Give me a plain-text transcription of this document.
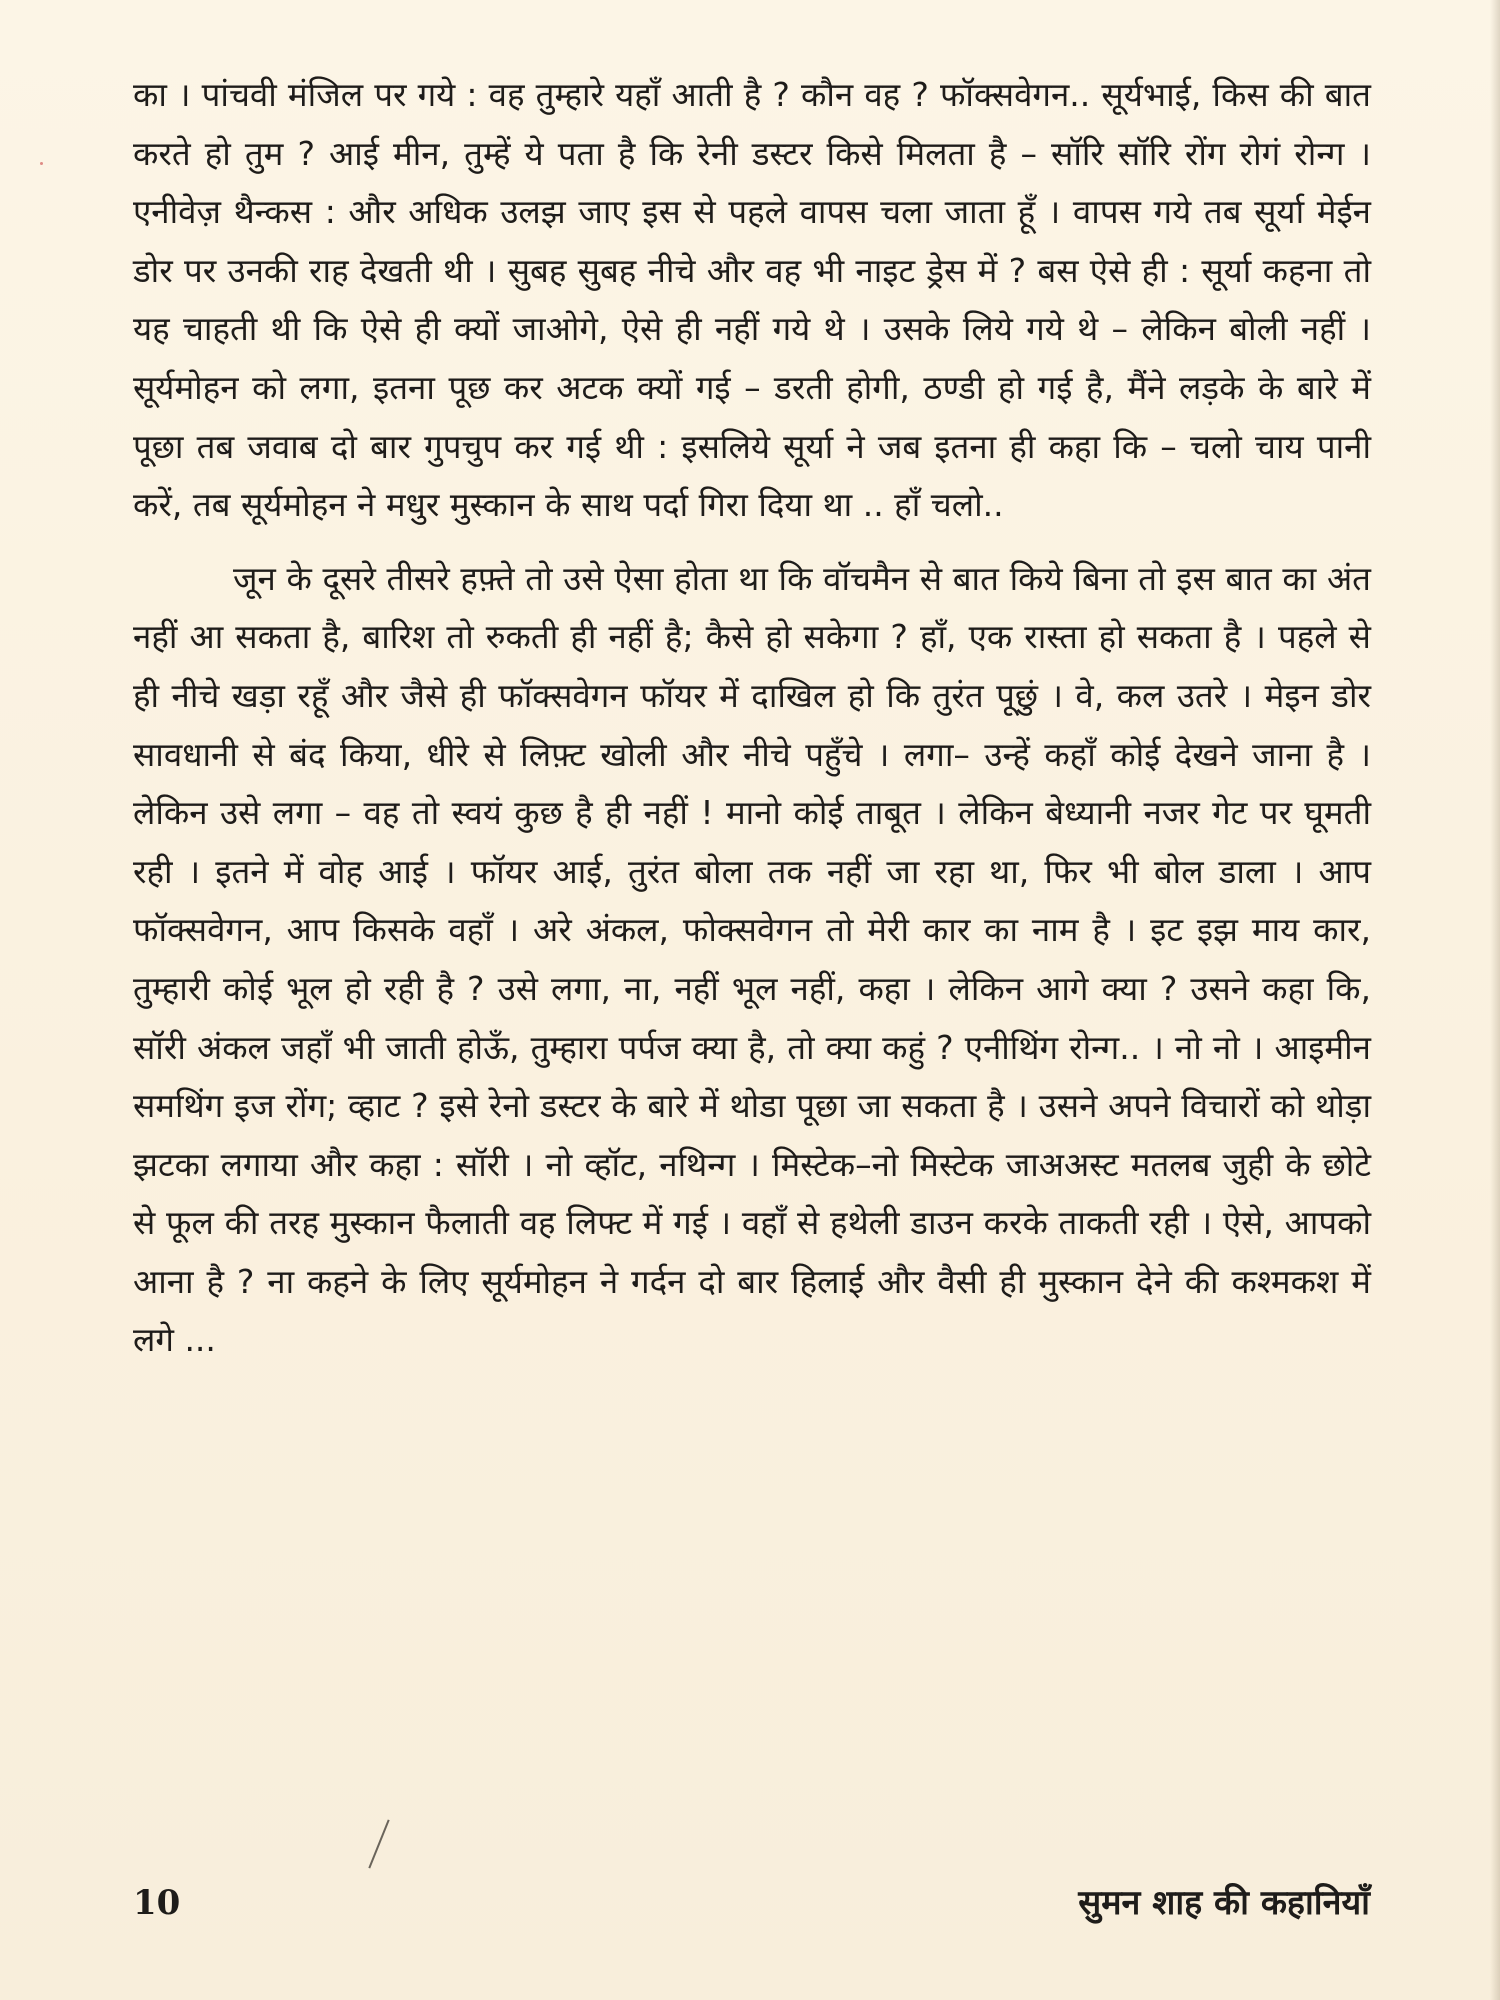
का । पांचवी मंजिल पर गये : वह तुम्हारे यहाँ आती है ? कौन वह ? फॉक्सवेगन.. सूर्यभाई, किस की बात करते हो तुम ? आई मीन, तुम्हें ये पता है कि रेनी डस्टर किसे मिलता है – सॉरि सॉरि रोंग रोगं रोन्ग । एनीवेज़ थैन्कस : और अधिक उलझ जाए इस से पहले वापस चला जाता हूँ । वापस गये तब सूर्या मेईन डोर पर उनकी राह देखती थी । सुबह सुबह नीचे और वह भी नाइट ड्रेस में ? बस ऐसे ही : सूर्या कहना तो यह चाहती थी कि ऐसे ही क्यों जाओगे, ऐसे ही नहीं गये थे । उसके लिये गये थे – लेकिन बोली नहीं । सूर्यमोहन को लगा, इतना पूछ कर अटक क्यों गई – डरती होगी, ठण्डी हो गई है, मैंने लड़के के बारे में पूछा तब जवाब दो बार गुपचुप कर गई थी : इसलिये सूर्या ने जब इतना ही कहा कि – चलो चाय पानी करें, तब सूर्यमोहन ने मधुर मुस्कान के साथ पर्दा गिरा दिया था .. हाँ चलो..

जून के दूसरे तीसरे हफ़्ते तो उसे ऐसा होता था कि वॉचमैन से बात किये बिना तो इस बात का अंत नहीं आ सकता है, बारिश तो रुकती ही नहीं है; कैसे हो सकेगा ? हाँ, एक रास्ता हो सकता है । पहले से ही नीचे खड़ा रहूँ और जैसे ही फॉक्सवेगन फॉयर में दाखिल हो कि तुरंत पूछुं । वे, कल उतरे । मेइन डोर सावधानी से बंद किया, धीरे से लिफ़्ट खोली और नीचे पहुँचे । लगा– उन्हें कहाँ कोई देखने जाना है । लेकिन उसे लगा – वह तो स्वयं कुछ है ही नहीं ! मानो कोई ताबूत । लेकिन बेध्यानी नजर गेट पर घूमती रही । इतने में वोह आई । फॉयर आई, तुरंत बोला तक नहीं जा रहा था, फिर भी बोल डाला । आप फॉक्सवेगन, आप किसके वहाँ । अरे अंकल, फोक्सवेगन तो मेरी कार का नाम है । इट इझ माय कार, तुम्हारी कोई भूल हो रही है ? उसे लगा, ना, नहीं भूल नहीं, कहा । लेकिन आगे क्या ? उसने कहा कि, सॉरी अंकल जहाँ भी जाती होऊँ, तुम्हारा पर्पज क्या है, तो क्या कहुं ? एनीथिंग रोन्ग.. । नो नो । आइमीन समथिंग इज रोंग; व्हाट ? इसे रेनो डस्टर के बारे में थोडा पूछा जा सकता है । उसने अपने विचारों को थोड़ा झटका लगाया और कहा : सॉरी । नो व्हॉट, नथिन्ग । मिस्टेक–नो मिस्टेक जाअअस्ट मतलब जुही के छोटे से फूल की तरह मुस्कान फैलाती वह लिफ्ट में गई । वहाँ से हथेली डाउन करके ताकती रही । ऐसे, आपको आना है ? ना कहने के लिए सूर्यमोहन ने गर्दन दो बार हिलाई और वैसी ही मुस्कान देने की कश्मकश में लगे ...

10	सुमन शाह की कहानियाँ
